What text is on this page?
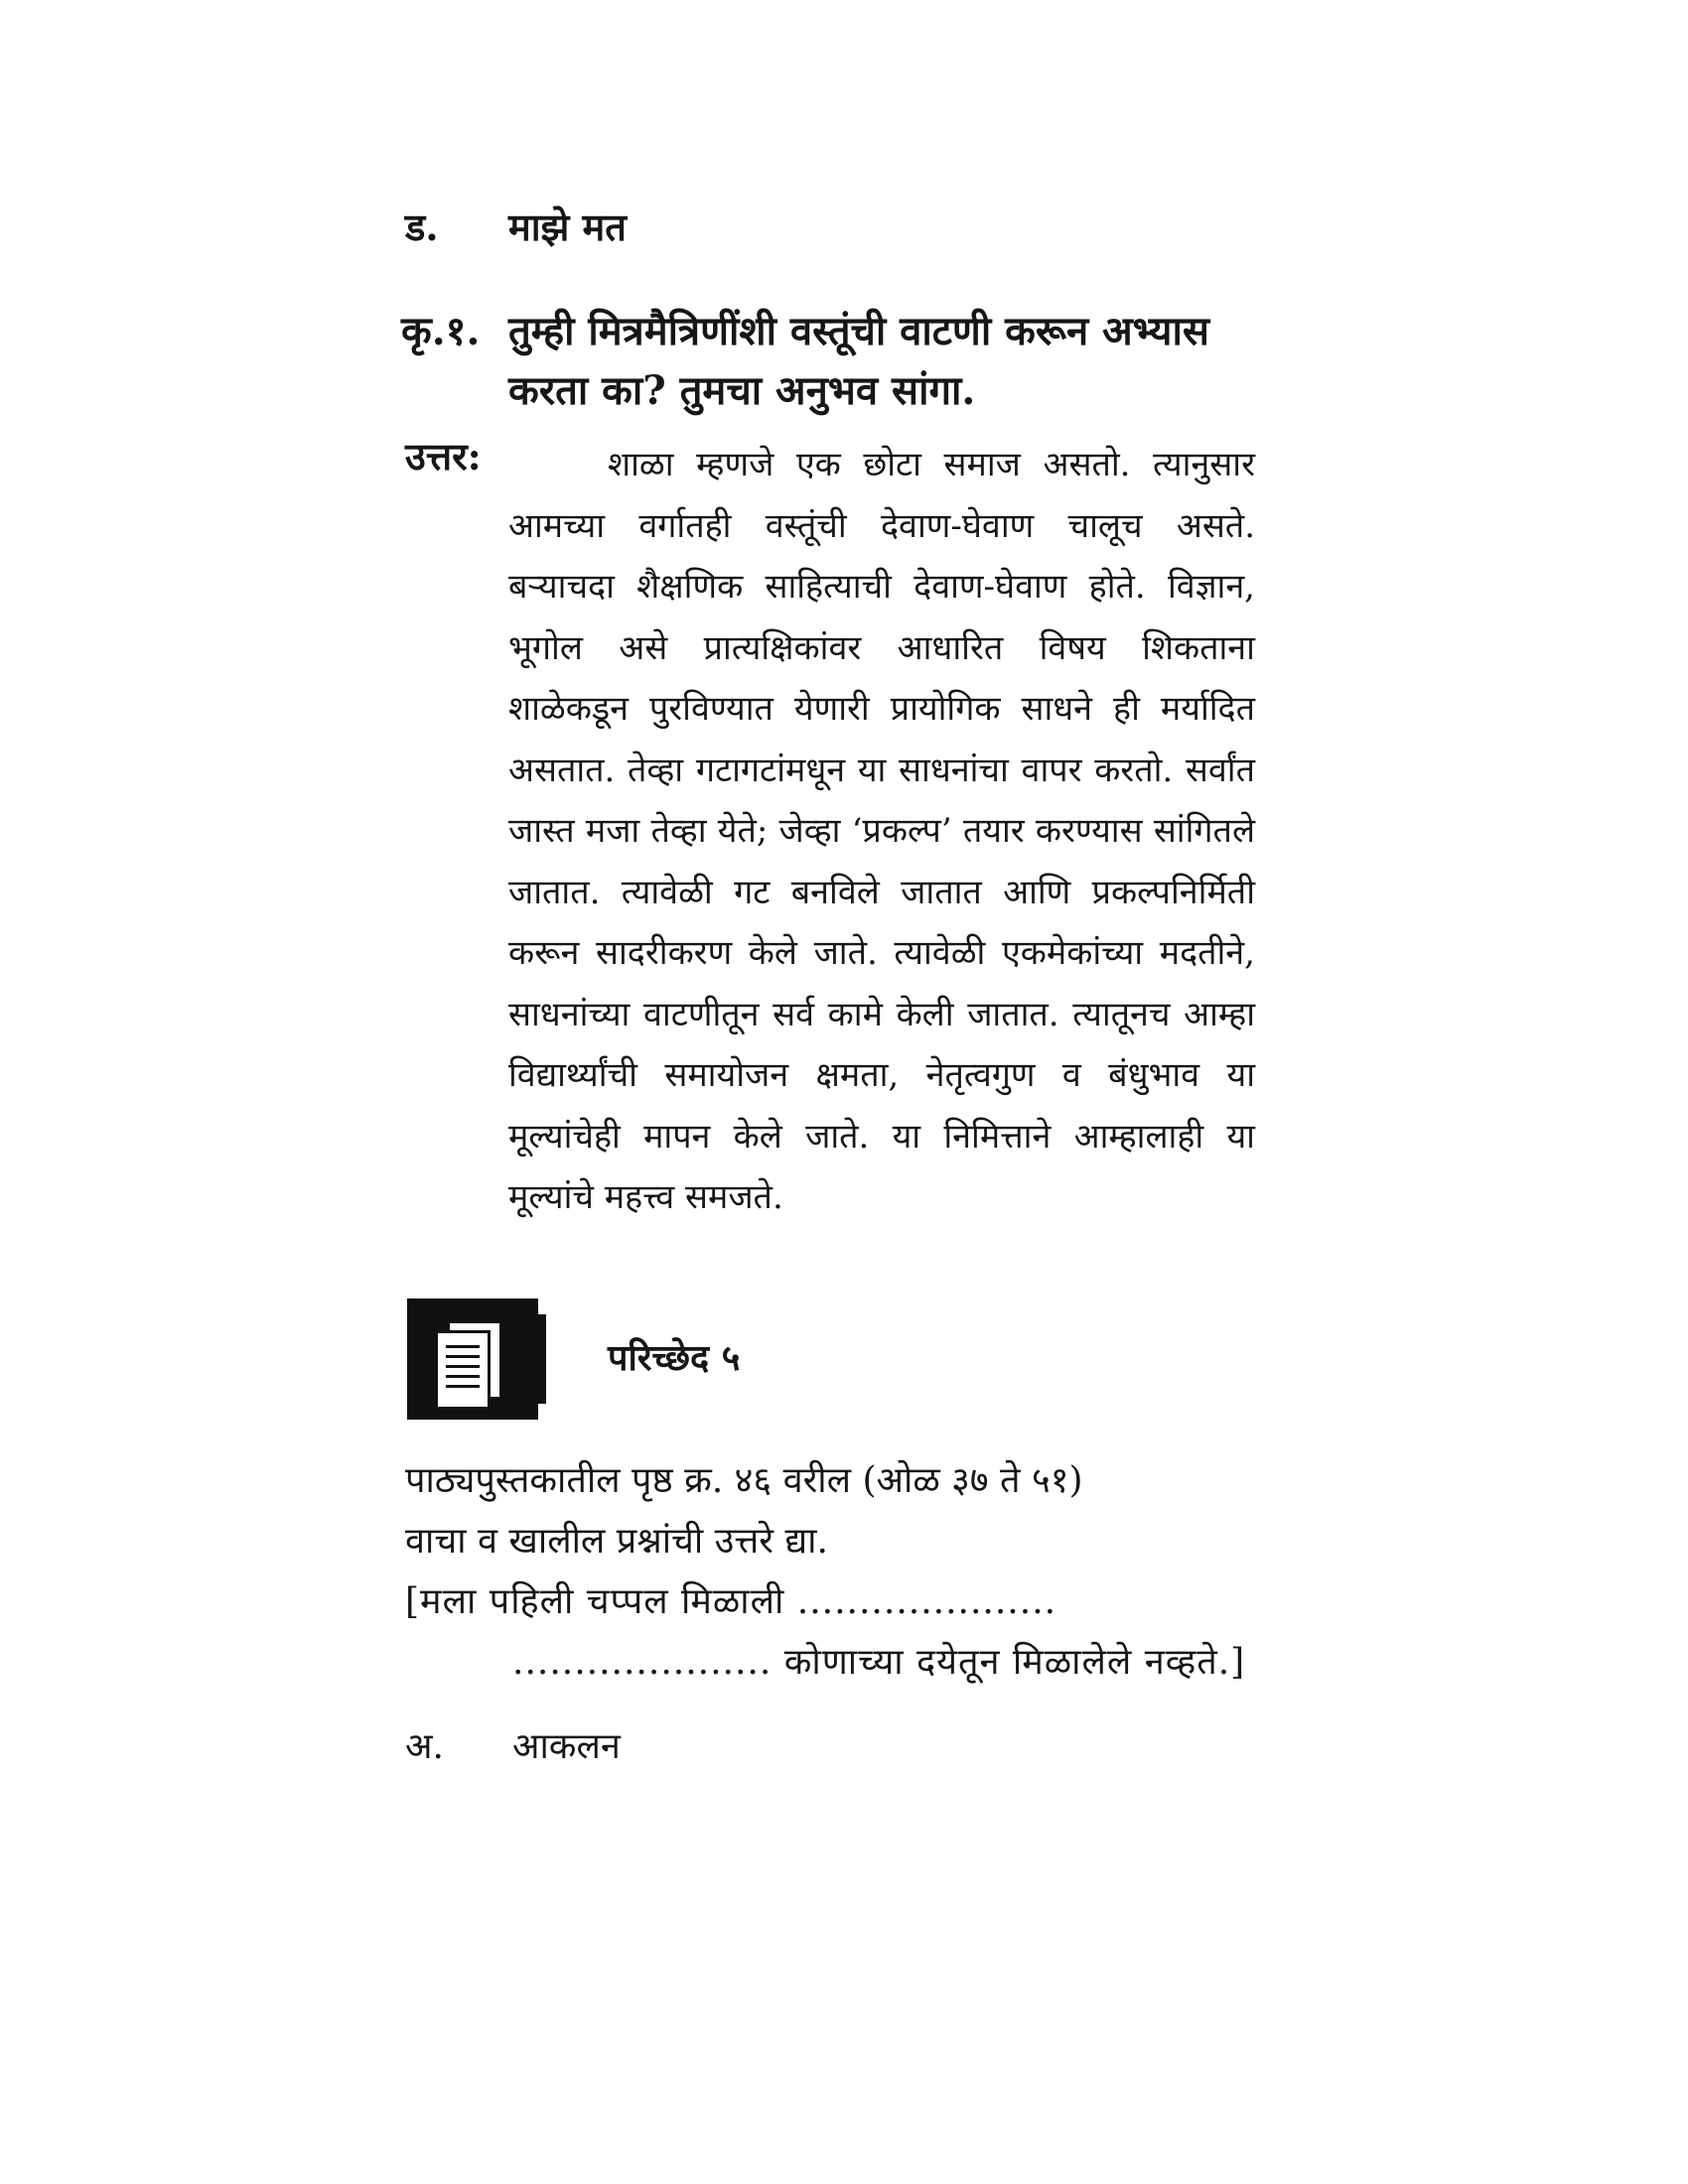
ड. माझे मत
कृ.१. तुम्ही मित्रमैत्रिणींशी वस्तूंची वाटणी करून अभ्यास
करता का? तुमचा अनुभव सांगा.
उत्तर:	शाळा म्हणजे एक छोटा समाज असतो. त्यानुसार आमच्या वर्गातही वस्तूंची देवाण-घेवाण चालूच असते. बऱ्याचदा शैक्षणिक साहित्याची देवाण-घेवाण होते. विज्ञान, भूगोल असे प्रात्यक्षिकांवर आधारित विषय शिकताना शाळेकडून पुरविण्यात येणारी प्रायोगिक साधने ही मर्यादित असतात. तेव्हा गटागटांमधून या साधनांचा वापर करतो. सर्वांत जास्त मजा तेव्हा येते; जेव्हा ‘प्रकल्प’ तयार करण्यास सांगितले जातात. त्यावेळी गट बनविले जातात आणि प्रकल्पनिर्मिती करून सादरीकरण केले जाते. त्यावेळी एकमेकांच्या मदतीने, साधनांच्या वाटणीतून सर्व कामे केली जातात. त्यातूनच आम्हा विद्यार्थ्यांची समायोजन क्षमता, नेतृत्वगुण व बंधुभाव या मूल्यांचेही मापन केले जाते. या निमित्ताने आम्हालाही या मूल्यांचे महत्त्व समजते.

परिच्छेद ५
पाठ्यपुस्तकातील पृष्ठ क्र. ४६ वरील (ओळ ३७ ते ५१)
वाचा व खालील प्रश्नांची उत्तरे द्या.
[मला पहिली चप्पल मिळाली .....................
..................... कोणाच्या दयेतून मिळालेले नव्हते.]
अ. आकलन
